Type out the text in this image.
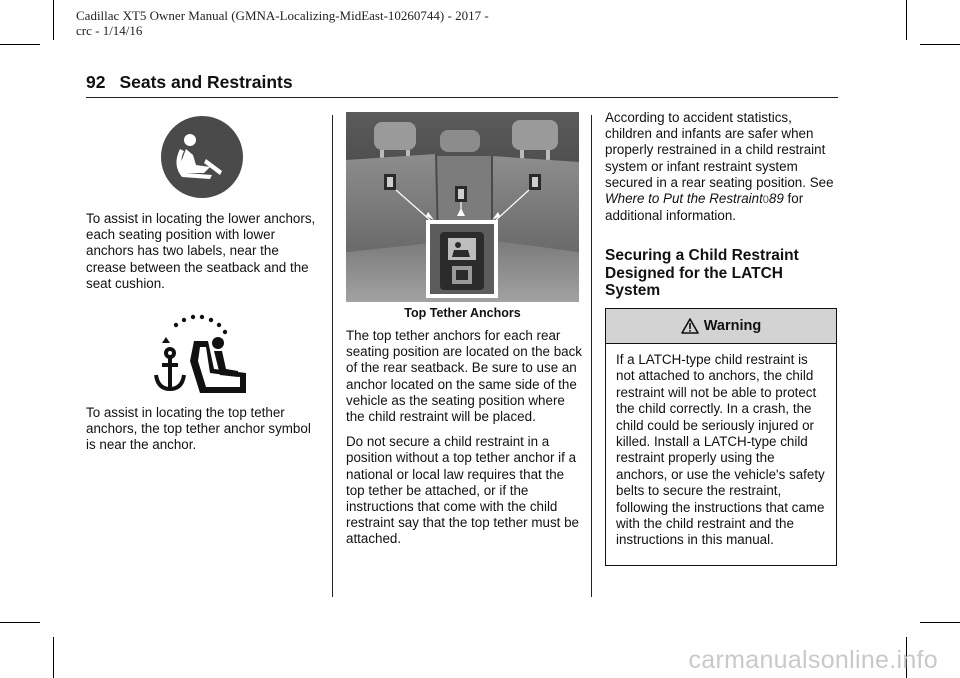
Cadillac XT5 Owner Manual (GMNA-Localizing-MidEast-10260744) - 2017 -
crc - 1/14/16
92 Seats and Restraints

To assist in locating the lower anchors, each seating position with lower anchors has two labels, near the crease between the seatback and the seat cushion.

To assist in locating the top tether anchors, the top tether anchor symbol is near the anchor.

Top Tether Anchors

The top tether anchors for each rear seating position are located on the back of the rear seatback. Be sure to use an anchor located on the same side of the vehicle as the seating position where the child restraint will be placed.

Do not secure a child restraint in a position without a top tether anchor if a national or local law requires that the top tether be attached, or if the instructions that come with the child restraint say that the top tether must be attached.

According to accident statistics, children and infants are safer when properly restrained in a child restraint system or infant restraint system secured in a rear seating position. See Where to Put the Restraint089 for additional information.

Securing a Child Restraint Designed for the LATCH System
Warning
If a LATCH-type child restraint is not attached to anchors, the child restraint will not be able to protect the child correctly. In a crash, the child could be seriously injured or killed. Install a LATCH-type child restraint properly using the anchors, or use the vehicle's safety belts to secure the restraint, following the instructions that came with the child restraint and the instructions in this manual.
carmanualsonline.info
